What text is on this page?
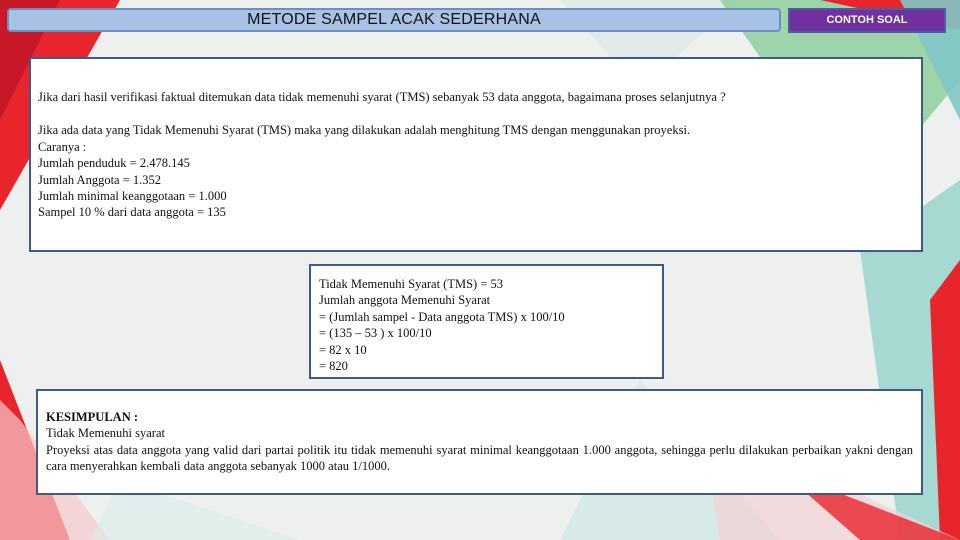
METODE SAMPEL ACAK SEDERHANA	CONTOH SOAL
Jika dari hasil verifikasi faktual ditemukan data tidak memenuhi syarat (TMS) sebanyak 53 data anggota, bagaimana proses selanjutnya ?
Jika ada data yang Tidak Memenuhi Syarat (TMS) maka yang dilakukan adalah menghitung TMS dengan menggunakan proyeksi.
Caranya :
Jumlah penduduk = 2.478.145
Jumlah Anggota = 1.352
Jumlah minimal keanggotaan = 1.000
Sampel 10 % dari data anggota = 135
Tidak Memenuhi Syarat (TMS) = 53
Jumlah anggota Memenuhi Syarat
= (Jumlah sampel - Data anggota TMS) x 100/10
= (135 – 53 ) x 100/10
= 82 x 10
= 820
KESIMPULAN :
Tidak Memenuhi syarat
Proyeksi atas data anggota yang valid dari partai politik itu tidak memenuhi syarat minimal keanggotaan 1.000 anggota, sehingga perlu dilakukan perbaikan yakni dengan cara menyerahkan kembali data anggota sebanyak 1000 atau 1/1000.
